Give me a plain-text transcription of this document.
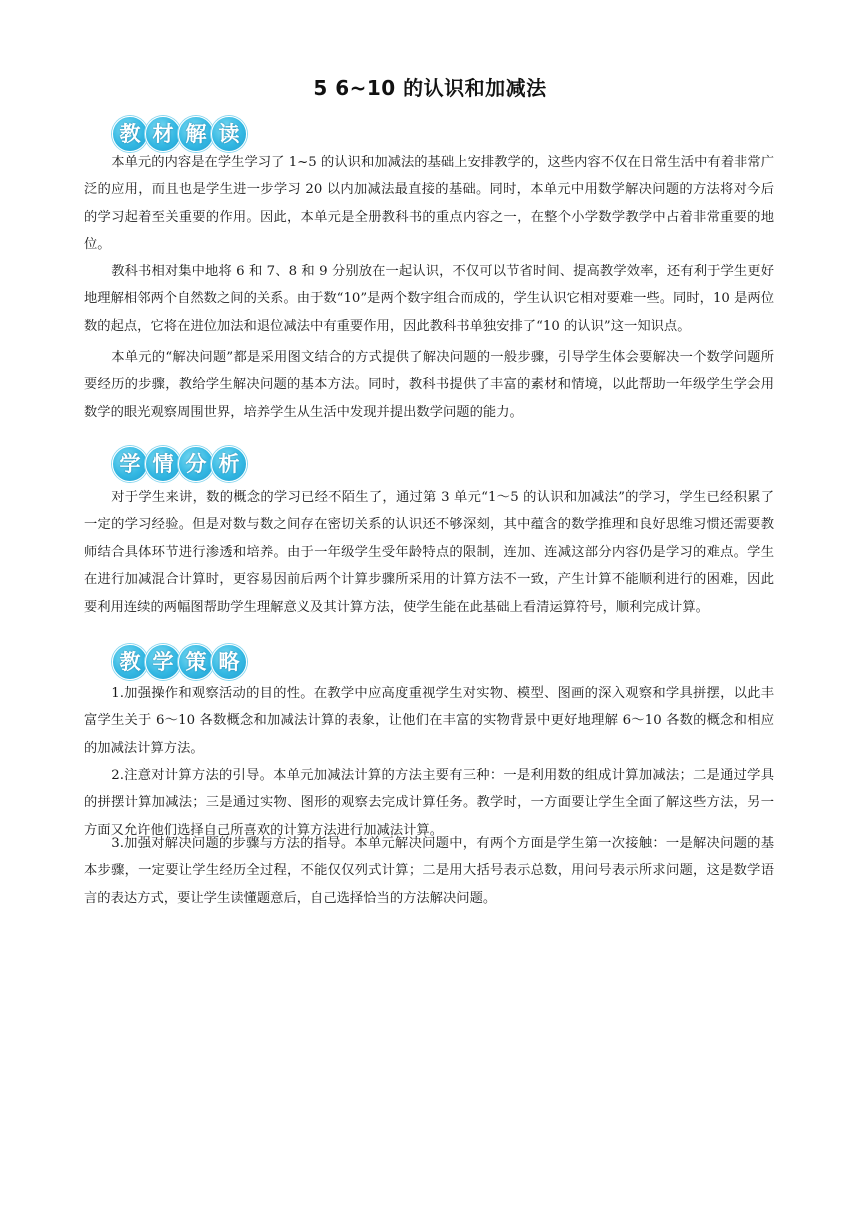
5 6~10 的认识和加减法
教 材 解 读

本单元的内容是在学生学习了 1~5 的认识和加减法的基础上安排教学的，这些内容不仅在日常生活中有着非常广泛的应用，而且也是学生进一步学习 20 以内加减法最直接的基础。同时，本单元中用数学解决问题的方法将对今后的学习起着至关重要的作用。因此，本单元是全册教科书的重点内容之一，在整个小学数学教学中占着非常重要的地位。

教科书相对集中地将 6 和 7、8 和 9 分别放在一起认识，不仅可以节省时间、提高教学效率，还有利于学生更好地理解相邻两个自然数之间的关系。由于数“10”是两个数字组合而成的，学生认识它相对要难一些。同时，10 是两位数的起点，它将在进位加法和退位减法中有重要作用，因此教科书单独安排了“10 的认识”这一知识点。

本单元的“解决问题”都是采用图文结合的方式提供了解决问题的一般步骤，引导学生体会要解决一个数学问题所要经历的步骤，教给学生解决问题的基本方法。同时，教科书提供了丰富的素材和情境，以此帮助一年级学生学会用数学的眼光观察周围世界，培养学生从生活中发现并提出数学问题的能力。

学 情 分 析

对于学生来讲，数的概念的学习已经不陌生了，通过第 3 单元“1～5 的认识和加减法”的学习，学生已经积累了一定的学习经验。但是对数与数之间存在密切关系的认识还不够深刻，其中蕴含的数学推理和良好思维习惯还需要教师结合具体环节进行渗透和培养。由于一年级学生受年龄特点的限制，连加、连减这部分内容仍是学习的难点。学生在进行加减混合计算时，更容易因前后两个计算步骤所采用的计算方法不一致，产生计算不能顺利进行的困难，因此要利用连续的两幅图帮助学生理解意义及其计算方法，使学生能在此基础上看清运算符号，顺利完成计算。

教 学 策 略

1.加强操作和观察活动的目的性。在教学中应高度重视学生对实物、模型、图画的深入观察和学具拼摆，以此丰富学生关于 6～10 各数概念和加减法计算的表象，让他们在丰富的实物背景中更好地理解 6～10 各数的概念和相应的加减法计算方法。

2.注意对计算方法的引导。本单元加减法计算的方法主要有三种：一是利用数的组成计算加减法；二是通过学具的拼摆计算加减法；三是通过实物、图形的观察去完成计算任务。教学时，一方面要让学生全面了解这些方法，另一方面又允许他们选择自己所喜欢的计算方法进行加减法计算。

3.加强对解决问题的步骤与方法的指导。本单元解决问题中，有两个方面是学生第一次接触：一是解决问题的基本步骤，一定要让学生经历全过程，不能仅仅列式计算；二是用大括号表示总数，用问号表示所求问题，这是数学语言的表达方式，要让学生读懂题意后，自己选择恰当的方法解决问题。
